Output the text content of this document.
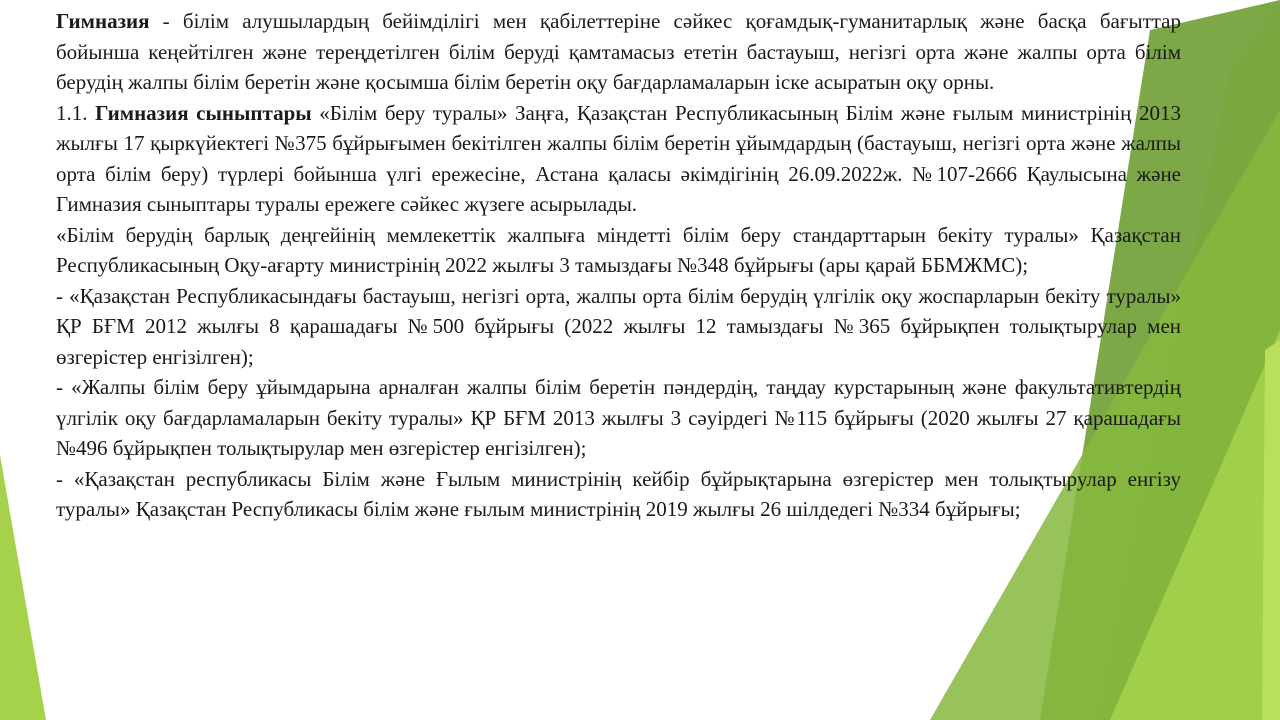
Гимназия - білім алушылардың бейімділігі мен қабілеттеріне сәйкес қоғамдық-гуманитарлық және басқа бағыттар бойынша кеңейтілген және тереңдетілген білім беруді қамтамасыз ететін бастауыш, негізгі орта және жалпы орта білім берудің жалпы білім беретін және қосымша білім беретін оқу бағдарламаларын іске асыратын оқу орны.

1.1. Гимназия сыныптары «Білім беру туралы» Заңға, Қазақстан Республикасының Білім және ғылым министрінің 2013 жылғы 17 қыркүйектегі №375 бұйрығымен бекітілген жалпы білім беретін ұйымдардың (бастауыш, негізгі орта және жалпы орта білім беру) түрлері бойынша үлгі ережесіне, Астана қаласы әкімдігінің 26.09.2022ж. №107-2666 Қаулысына және Гимназия сыныптары туралы ережеге сәйкес жүзеге асырылады.

«Білім берудің барлық деңгейінің мемлекеттік жалпыға міндетті білім беру стандарттарын бекіту туралы» Қазақстан Республикасының Оқу-ағарту министрінің 2022 жылғы 3 тамыздағы №348 бұйрығы (ары қарай ББМЖМС);

- «Қазақстан Республикасындағы бастауыш, негізгі орта, жалпы орта білім берудің үлгілік оқу жоспарларын бекіту туралы» ҚР БҒМ 2012 жылғы 8 қарашадағы №500 бұйрығы (2022 жылғы 12 тамыздағы №365 бұйрықпен толықтырулар мен өзгерістер енгізілген);

- «Жалпы білім беру ұйымдарына арналған жалпы білім беретін пәндердің, таңдау курстарының және факультативтердің үлгілік оқу бағдарламаларын бекіту туралы» ҚР БҒМ 2013 жылғы 3 сәуірдегі №115 бұйрығы (2020 жылғы 27 қарашадағы №496 бұйрықпен толықтырулар мен өзгерістер енгізілген);

- «Қазақстан республикасы Білім және Ғылым министрінің кейбір бұйрықтарына өзгерістер мен толықтырулар енгізу туралы» Қазақстан Республикасы білім және ғылым министрінің 2019 жылғы 26 шілдедегі №334 бұйрығы;
